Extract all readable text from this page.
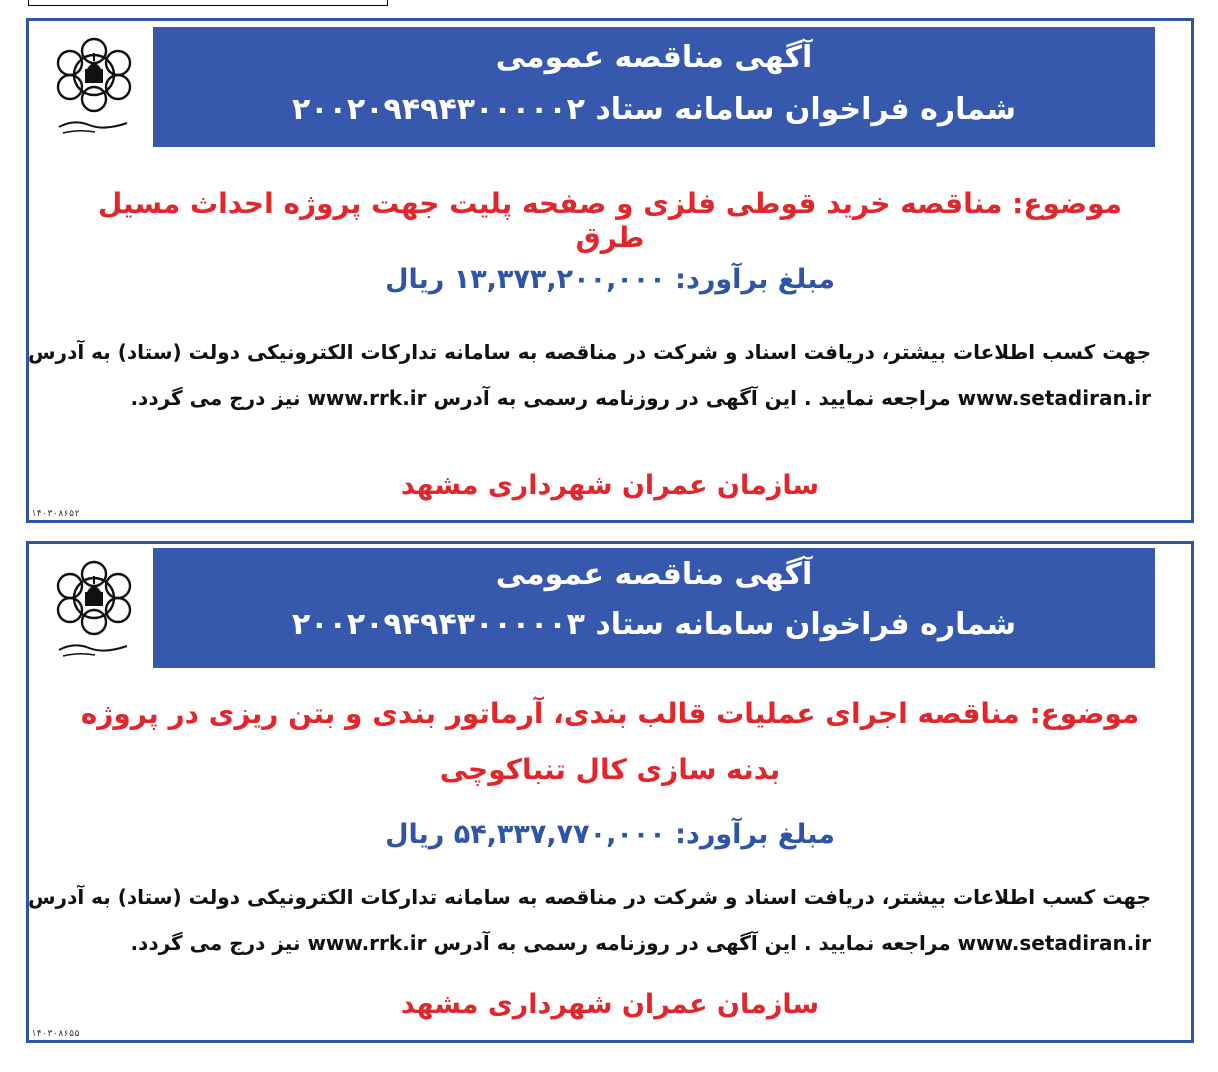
آگهی مناقصه عمومی
شماره فراخوان سامانه ستاد ۲۰۰۲۰۹۴۹۴۳۰۰۰۰۰۲
موضوع: مناقصه خرید قوطی فلزی و صفحه پلیت جهت پروژه احداث مسیل طرق
مبلغ برآورد: ۱۳,۳۷۳,۲۰۰,۰۰۰ ریال
جهت کسب اطلاعات بیشتر، دریافت اسناد و شرکت در مناقصه به سامانه تدارکات الکترونیکی دولت (ستاد) به آدرس
www.setadiran.ir مراجعه نمایید . این آگهی در روزنامه رسمی به آدرس www.rrk.ir نیز درج می گردد.
سازمان عمران شهرداری مشهد
۱۴۰۳۰۸۶۵۲
آگهی مناقصه عمومی
شماره فراخوان سامانه ستاد ۲۰۰۲۰۹۴۹۴۳۰۰۰۰۰۳
موضوع: مناقصه اجرای عملیات قالب بندی، آرماتور بندی و بتن ریزی در پروژه بدنه سازی کال تنباکوچی
مبلغ برآورد: ۵۴,۳۳۷,۷۷۰,۰۰۰ ریال
جهت کسب اطلاعات بیشتر، دریافت اسناد و شرکت در مناقصه به سامانه تدارکات الکترونیکی دولت (ستاد) به آدرس
www.setadiran.ir مراجعه نمایید . این آگهی در روزنامه رسمی به آدرس www.rrk.ir نیز درج می گردد.
سازمان عمران شهرداری مشهد
۱۴۰۳۰۸۶۵۵
